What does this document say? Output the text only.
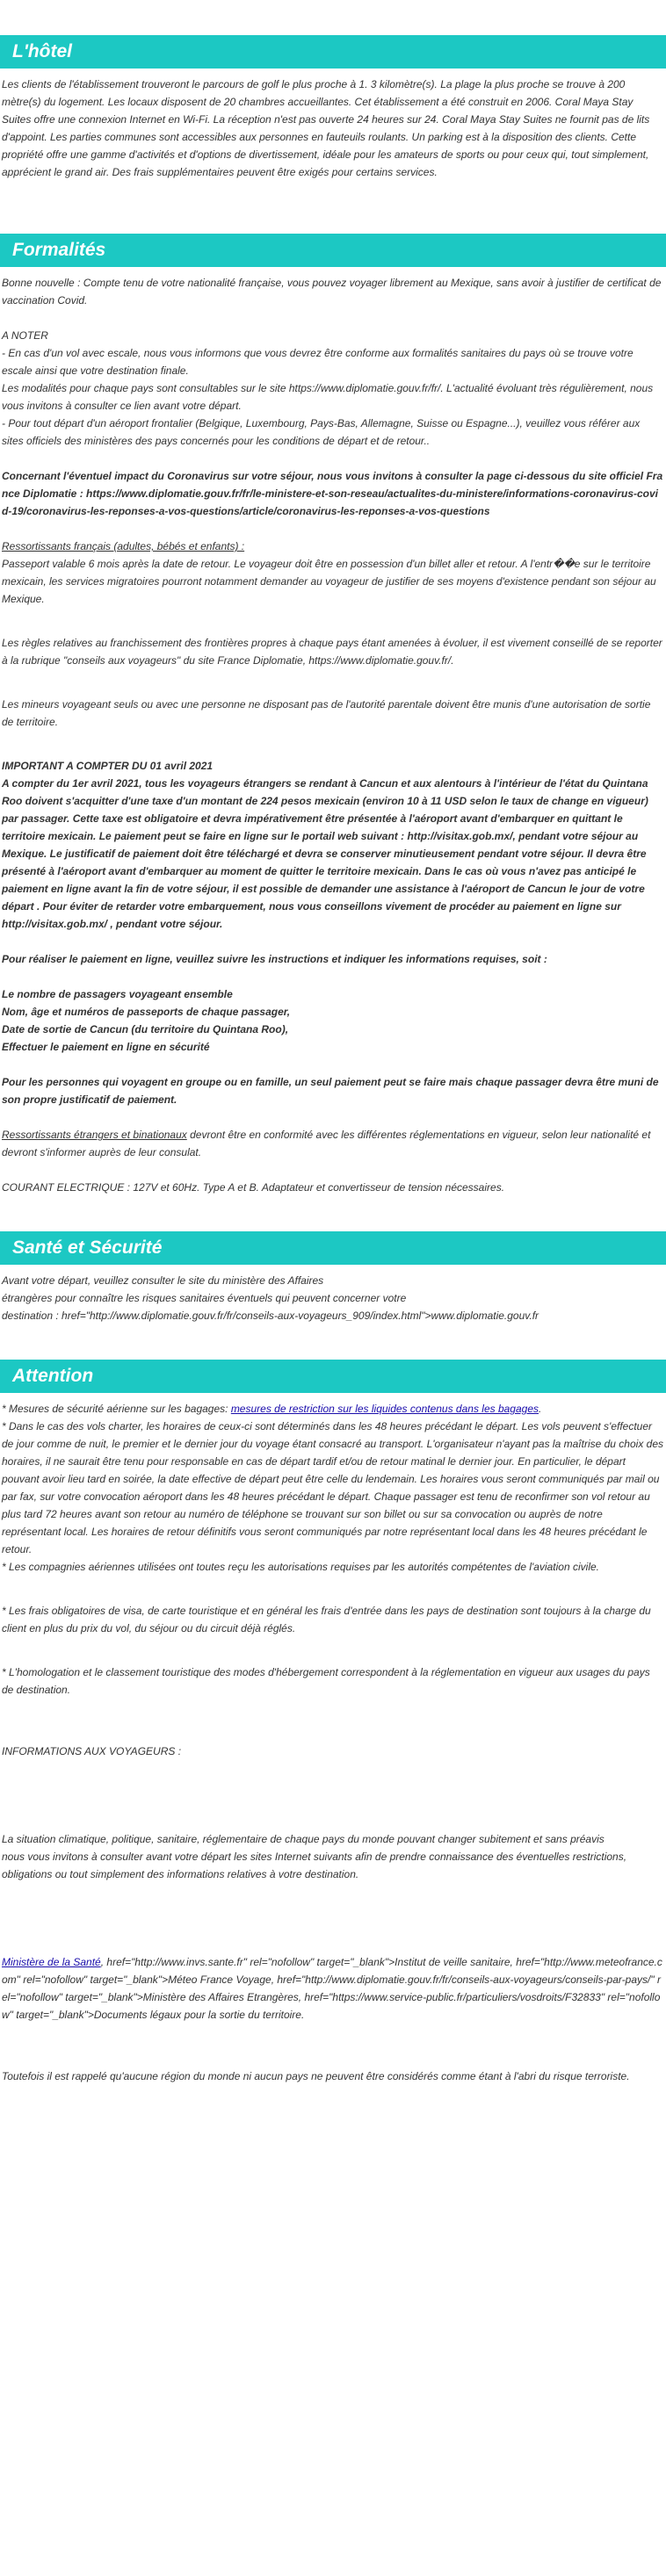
L'hôtel

Les clients de l'établissement trouveront le parcours de golf le plus proche à 1. 3 kilomètre(s). La plage la plus proche se trouve à 200 mètre(s) du logement. Les locaux disposent de 20 chambres accueillantes. Cet établissement a été construit en 2006. Coral Maya Stay Suites offre une connexion Internet en Wi-Fi. La réception n'est pas ouverte 24 heures sur 24. Coral Maya Stay Suites ne fournit pas de lits d'appoint. Les parties communes sont accessibles aux personnes en fauteuils roulants. Un parking est à la disposition des clients. Cette propriété offre une gamme d'activités et d'options de divertissement, idéale pour les amateurs de sports ou pour ceux qui, tout simplement, apprécient le grand air. Des frais supplémentaires peuvent être exigés pour certains services.

Formalités

Bonne nouvelle : Compte tenu de votre nationalité française, vous pouvez voyager librement au Mexique, sans avoir à justifier de certificat de vaccination Covid.

A NOTER

- En cas d'un vol avec escale, nous vous informons que vous devrez être conforme aux formalités sanitaires du pays où se trouve votre escale ainsi que votre destination finale.

Les modalités pour chaque pays sont consultables sur le site https://www.diplomatie.gouv.fr/fr/. L'actualité évoluant très régulièrement, nous vous invitons à consulter ce lien avant votre départ.

- Pour tout départ d'un aéroport frontalier (Belgique, Luxembourg, Pays-Bas, Allemagne, Suisse ou Espagne...), veuillez vous référer aux sites officiels des ministères des pays concernés pour les conditions de départ et de retour..

Concernant l'éventuel impact du Coronavirus sur votre séjour, nous vous invitons à consulter la page ci-dessous du site officiel France Diplomatie : https://www.diplomatie.gouv.fr/fr/le-ministere-et-son-reseau/actualites-du-ministere/informations-coronavirus-covid-19/coronavirus-les-reponses-a-vos-questions/article/coronavirus-les-reponses-a-vos-questions

Ressortissants français (adultes, bébés et enfants) :

Passeport valable 6 mois après la date de retour. Le voyageur doit être en possession d'un billet aller et retour. A l'entr��e sur le territoire mexicain, les services migratoires pourront notamment demander au voyageur de justifier de ses moyens d'existence pendant son séjour au Mexique.

Les règles relatives au franchissement des frontières propres à chaque pays étant amenées à évoluer, il est vivement conseillé de se reporter à la rubrique "conseils aux voyageurs" du site France Diplomatie, https://www.diplomatie.gouv.fr/.

Les mineurs voyageant seuls ou avec une personne ne disposant pas de l'autorité parentale doivent être munis d'une autorisation de sortie de territoire.

IMPORTANT A COMPTER DU 01 avril 2021

A compter du 1er avril 2021, tous les voyageurs étrangers se rendant à Cancun et aux alentours à l'intérieur de l'état du Quintana Roo doivent s'acquitter d'une taxe d'un montant de 224 pesos mexicain (environ 10 à 11 USD selon le taux de change en vigueur) par passager. Cette taxe est obligatoire et devra impérativement être présentée à l'aéroport avant d'embarquer en quittant le territoire mexicain. Le paiement peut se faire en ligne sur le portail web suivant : http://visitax.gob.mx/, pendant votre séjour au Mexique. Le justificatif de paiement doit être téléchargé et devra se conserver minutieusement pendant votre séjour. Il devra être présenté à l'aéroport avant d'embarquer au moment de quitter le territoire mexicain. Dans le cas où vous n'avez pas anticipé le paiement en ligne avant la fin de votre séjour, il est possible de demander une assistance à l'aéroport de Cancun le jour de votre départ . Pour éviter de retarder votre embarquement, nous vous conseillons vivement de procéder au paiement en ligne sur http://visitax.gob.mx/ , pendant votre séjour.

Pour réaliser le paiement en ligne, veuillez suivre les instructions et indiquer les informations requises, soit :

Le nombre de passagers voyageant ensemble

Nom, âge et numéros de passeports de chaque passager,

Date de sortie de Cancun (du territoire du Quintana Roo),

Effectuer le paiement en ligne en sécurité

Pour les personnes qui voyagent en groupe ou en famille, un seul paiement peut se faire mais chaque passager devra être muni de son propre justificatif de paiement.

Ressortissants étrangers et binationaux devront être en conformité avec les différentes réglementations en vigueur, selon leur nationalité et devront s'informer auprès de leur consulat.

COURANT ELECTRIQUE : 127V et 60Hz. Type A et B. Adaptateur et convertisseur de tension nécessaires.

Santé et Sécurité

Avant votre départ, veuillez consulter le site du ministère des Affaires

étrangères pour connaître les risques sanitaires éventuels qui peuvent concerner votre

destination : href="http://www.diplomatie.gouv.fr/fr/conseils-aux-voyageurs_909/index.html">www.diplomatie.gouv.fr

Attention

* Mesures de sécurité aérienne sur les bagages: mesures de restriction sur les liquides contenus dans les bagages.

* Dans le cas des vols charter, les horaires de ceux-ci sont déterminés dans les 48 heures précédant le départ. Les vols peuvent s'effectuer de jour comme de nuit, le premier et le dernier jour du voyage étant consacré au transport. L'organisateur n'ayant pas la maîtrise du choix des horaires, il ne saurait être tenu pour responsable en cas de départ tardif et/ou de retour matinal le dernier jour. En particulier, le départ pouvant avoir lieu tard en soirée, la date effective de départ peut être celle du lendemain. Les horaires vous seront communiqués par mail ou par fax, sur votre convocation aéroport dans les 48 heures précédant le départ. Chaque passager est tenu de reconfirmer son vol retour au plus tard 72 heures avant son retour au numéro de téléphone se trouvant sur son billet ou sur sa convocation ou auprès de notre représentant local. Les horaires de retour définitifs vous seront communiqués par notre représentant local dans les 48 heures précédant le retour.

* Les compagnies aériennes utilisées ont toutes reçu les autorisations requises par les autorités compétentes de l'aviation civile.

* Les frais obligatoires de visa, de carte touristique et en général les frais d'entrée dans les pays de destination sont toujours à la charge du client en plus du prix du vol, du séjour ou du circuit déjà réglés.

* L'homologation et le classement touristique des modes d'hébergement correspondent à la réglementation en vigueur aux usages du pays de destination.

INFORMATIONS AUX VOYAGEURS :

La situation climatique, politique, sanitaire, réglementaire de chaque pays du monde pouvant changer subitement et sans préavis

nous vous invitons à consulter avant votre départ les sites Internet suivants afin de prendre connaissance des éventuelles restrictions, obligations ou tout simplement des informations relatives à votre destination.

Ministère de la Santé, href="http://www.invs.sante.fr" rel="nofollow" target="_blank">Institut de veille sanitaire, href="http://www.meteofrance.com" rel="nofollow" target="_blank">Méteo France Voyage, href="http://www.diplomatie.gouv.fr/fr/conseils-aux-voyageurs/conseils-par-pays/" rel="nofollow" target="_blank">Ministère des Affaires Etrangères, href="https://www.service-public.fr/particuliers/vosdroits/F32833" rel="nofollow" target="_blank">Documents légaux pour la sortie du territoire.

Toutefois il est rappelé qu'aucune région du monde ni aucun pays ne peuvent être considérés comme étant à l'abri du risque terroriste.
